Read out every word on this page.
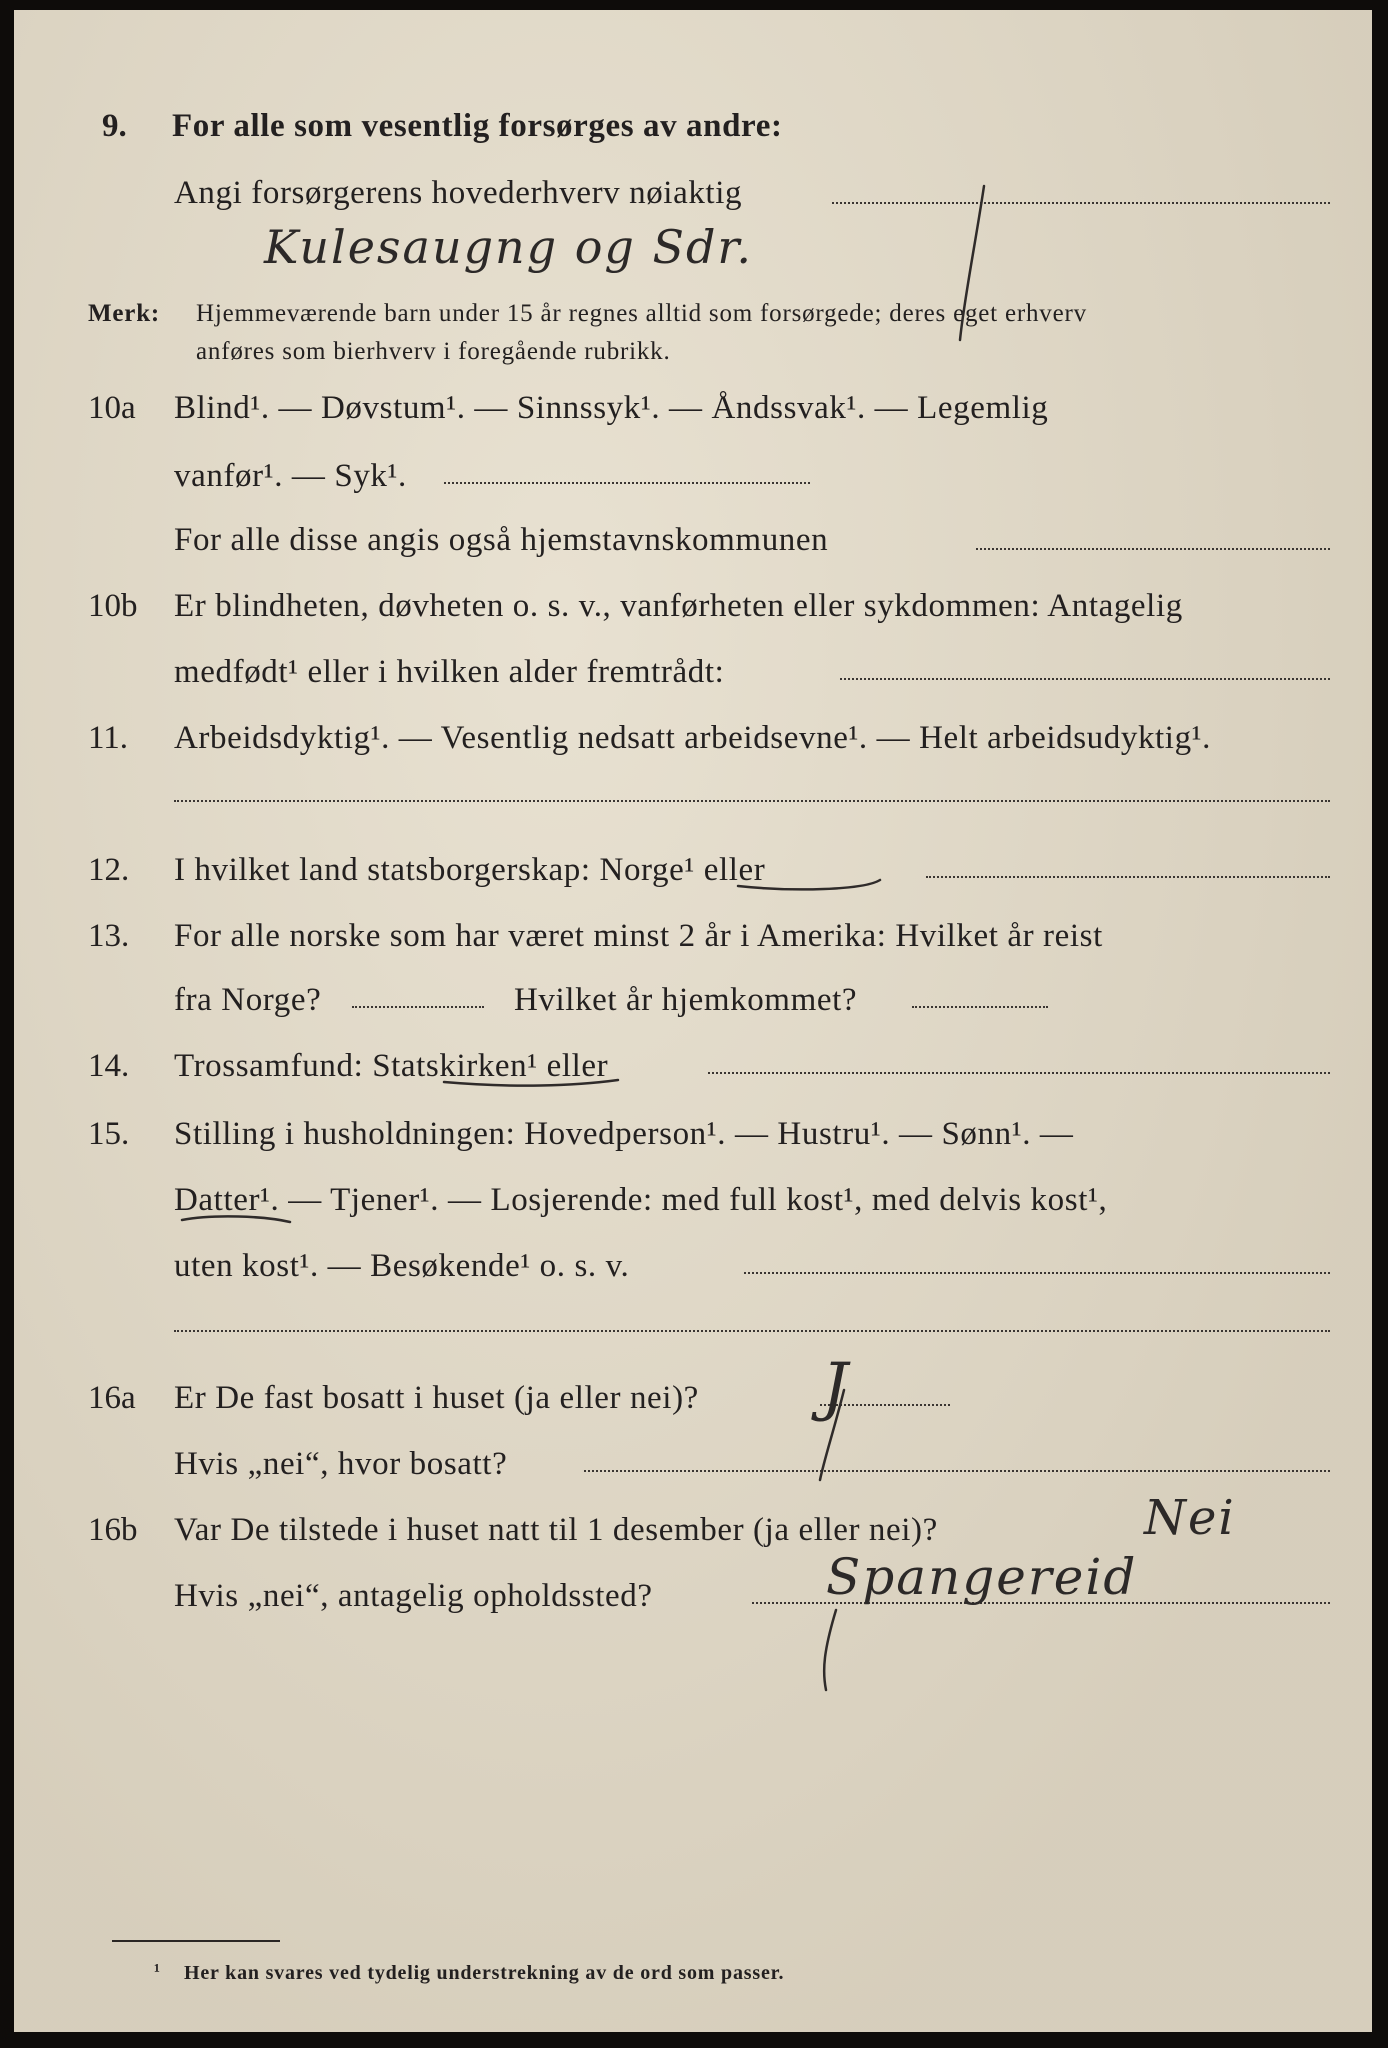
9. For alle som vesentlig forsørges av andre:
Angi forsørgerens hovederhverv nøiaktig
Kulesaugng og Sdr.
Merk: Hjemmeværende barn under 15 år regnes alltid som forsørgede; deres eget erhverv
anføres som bierhverv i foregående rubrikk.
10a Blind¹. — Døvstum¹. — Sinnssyk¹. — Åndssvak¹. — Legemlig
vanfør¹. — Syk¹.
For alle disse angis også hjemstavnskommunen
10b Er blindheten, døvheten o. s. v., vanførheten eller sykdommen: Antagelig
medfødt¹ eller i hvilken alder fremtrådt:
11. Arbeidsdyktig¹. — Vesentlig nedsatt arbeidsevne¹. — Helt arbeidsudyktig¹.
12. I hvilket land statsborgerskap: Norge¹ eller
13. For alle norske som har været minst 2 år i Amerika: Hvilket år reist
fra Norge?	Hvilket år hjemkommet?
14. Trossamfund: Statskirken¹ eller
15. Stilling i husholdningen: Hovedperson¹. — Hustru¹. — Sønn¹. —
Datter¹. — Tjener¹. — Losjerende: med full kost¹, med delvis kost¹,
uten kost¹. — Besøkende¹ o. s. v.
16a Er De fast bosatt i huset (ja eller nei)? J
Hvis „nei“, hvor bosatt?
16b Var De tilstede i huset natt til 1 desember (ja eller nei)?	Nei
Hvis „nei“, antagelig opholdssted?	Spangereid
¹ Her kan svares ved tydelig understrekning av de ord som passer.
